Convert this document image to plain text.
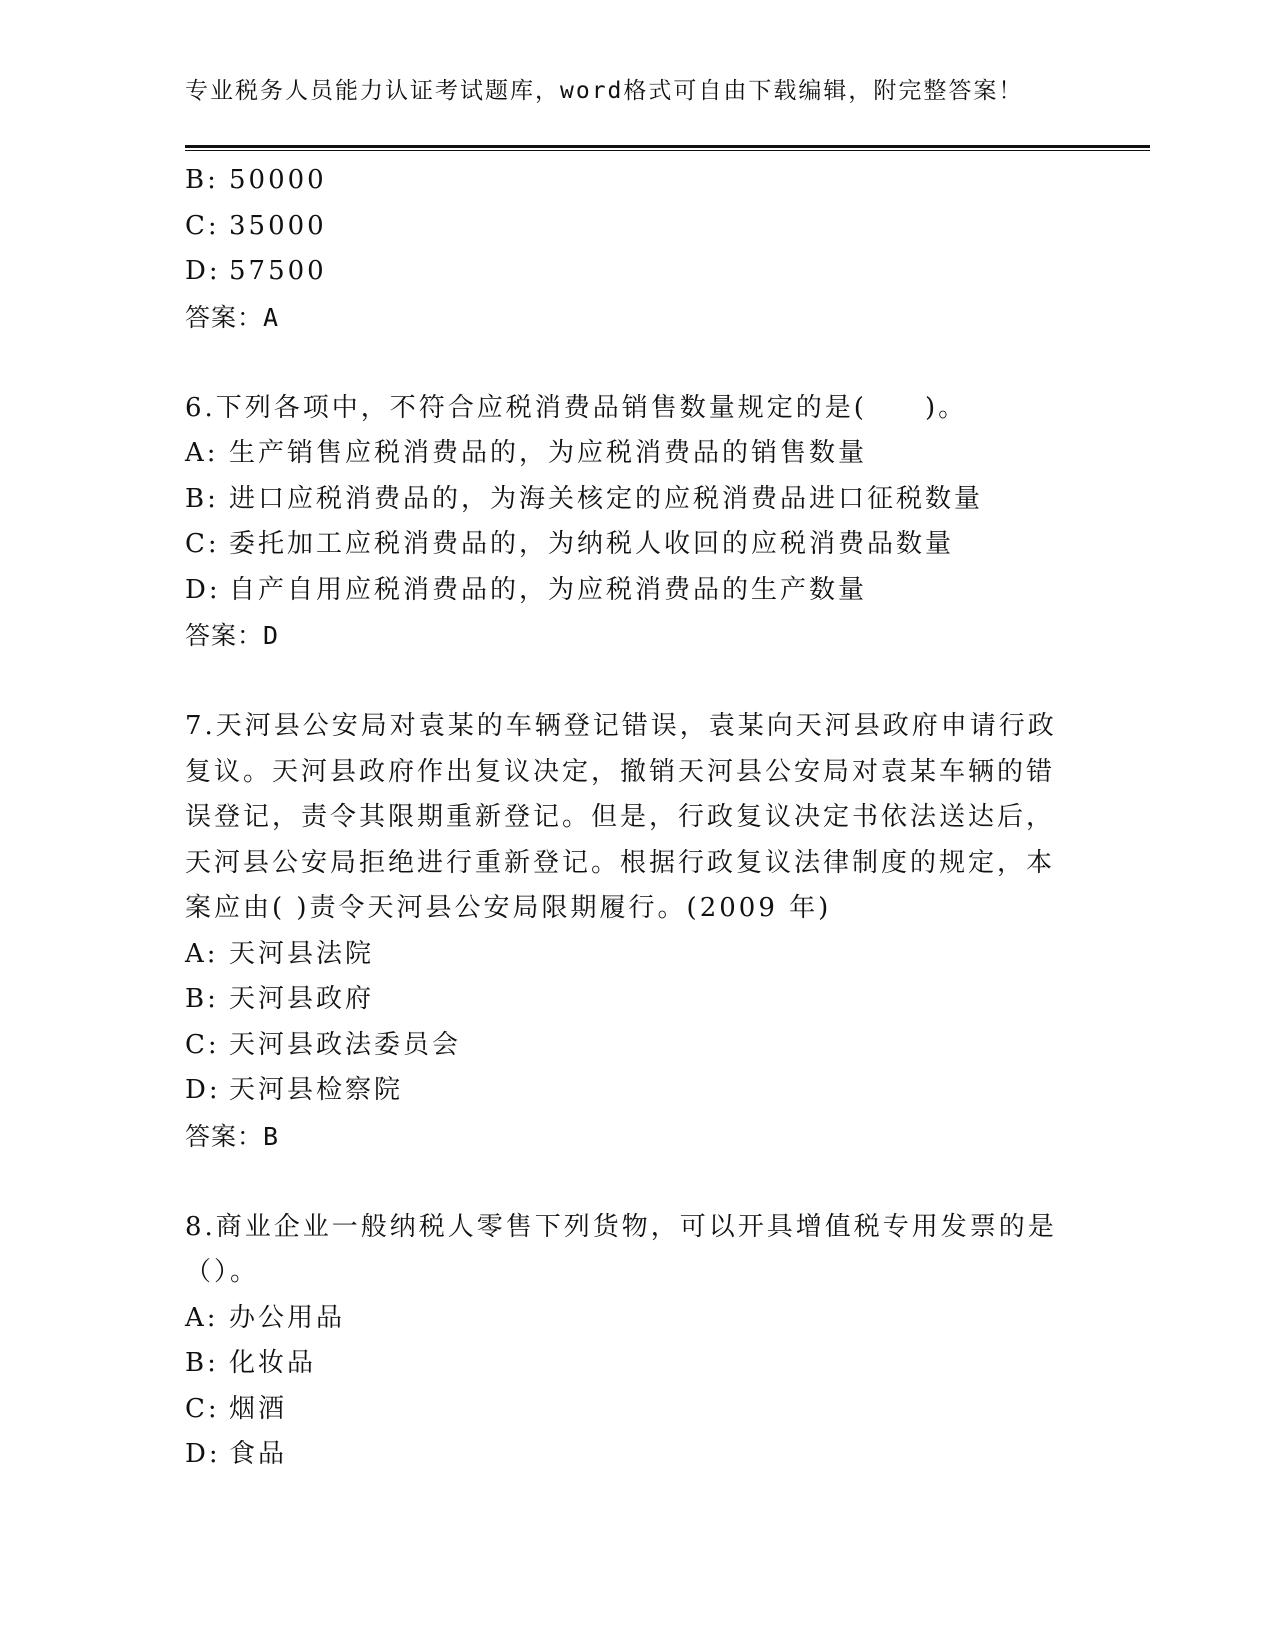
专业税务人员能力认证考试题库，word格式可自由下载编辑，附完整答案！
B: 50000
C: 35000
D: 57500
答案：A
6.下列各项中，不符合应税消费品销售数量规定的是(　　)。
A: 生产销售应税消费品的，为应税消费品的销售数量
B: 进口应税消费品的，为海关核定的应税消费品进口征税数量
C: 委托加工应税消费品的，为纳税人收回的应税消费品数量
D: 自产自用应税消费品的，为应税消费品的生产数量
答案：D
7.天河县公安局对袁某的车辆登记错误，袁某向天河县政府申请行政
复议。天河县政府作出复议决定，撤销天河县公安局对袁某车辆的错
误登记，责令其限期重新登记。但是，行政复议决定书依法送达后，
天河县公安局拒绝进行重新登记。根据行政复议法律制度的规定，本
案应由( )责令天河县公安局限期履行。(2009 年)
A: 天河县法院
B: 天河县政府
C: 天河县政法委员会
D: 天河县检察院
答案：B
8.商业企业一般纳税人零售下列货物，可以开具增值税专用发票的是
（）。
A: 办公用品
B: 化妆品
C: 烟酒
D: 食品
